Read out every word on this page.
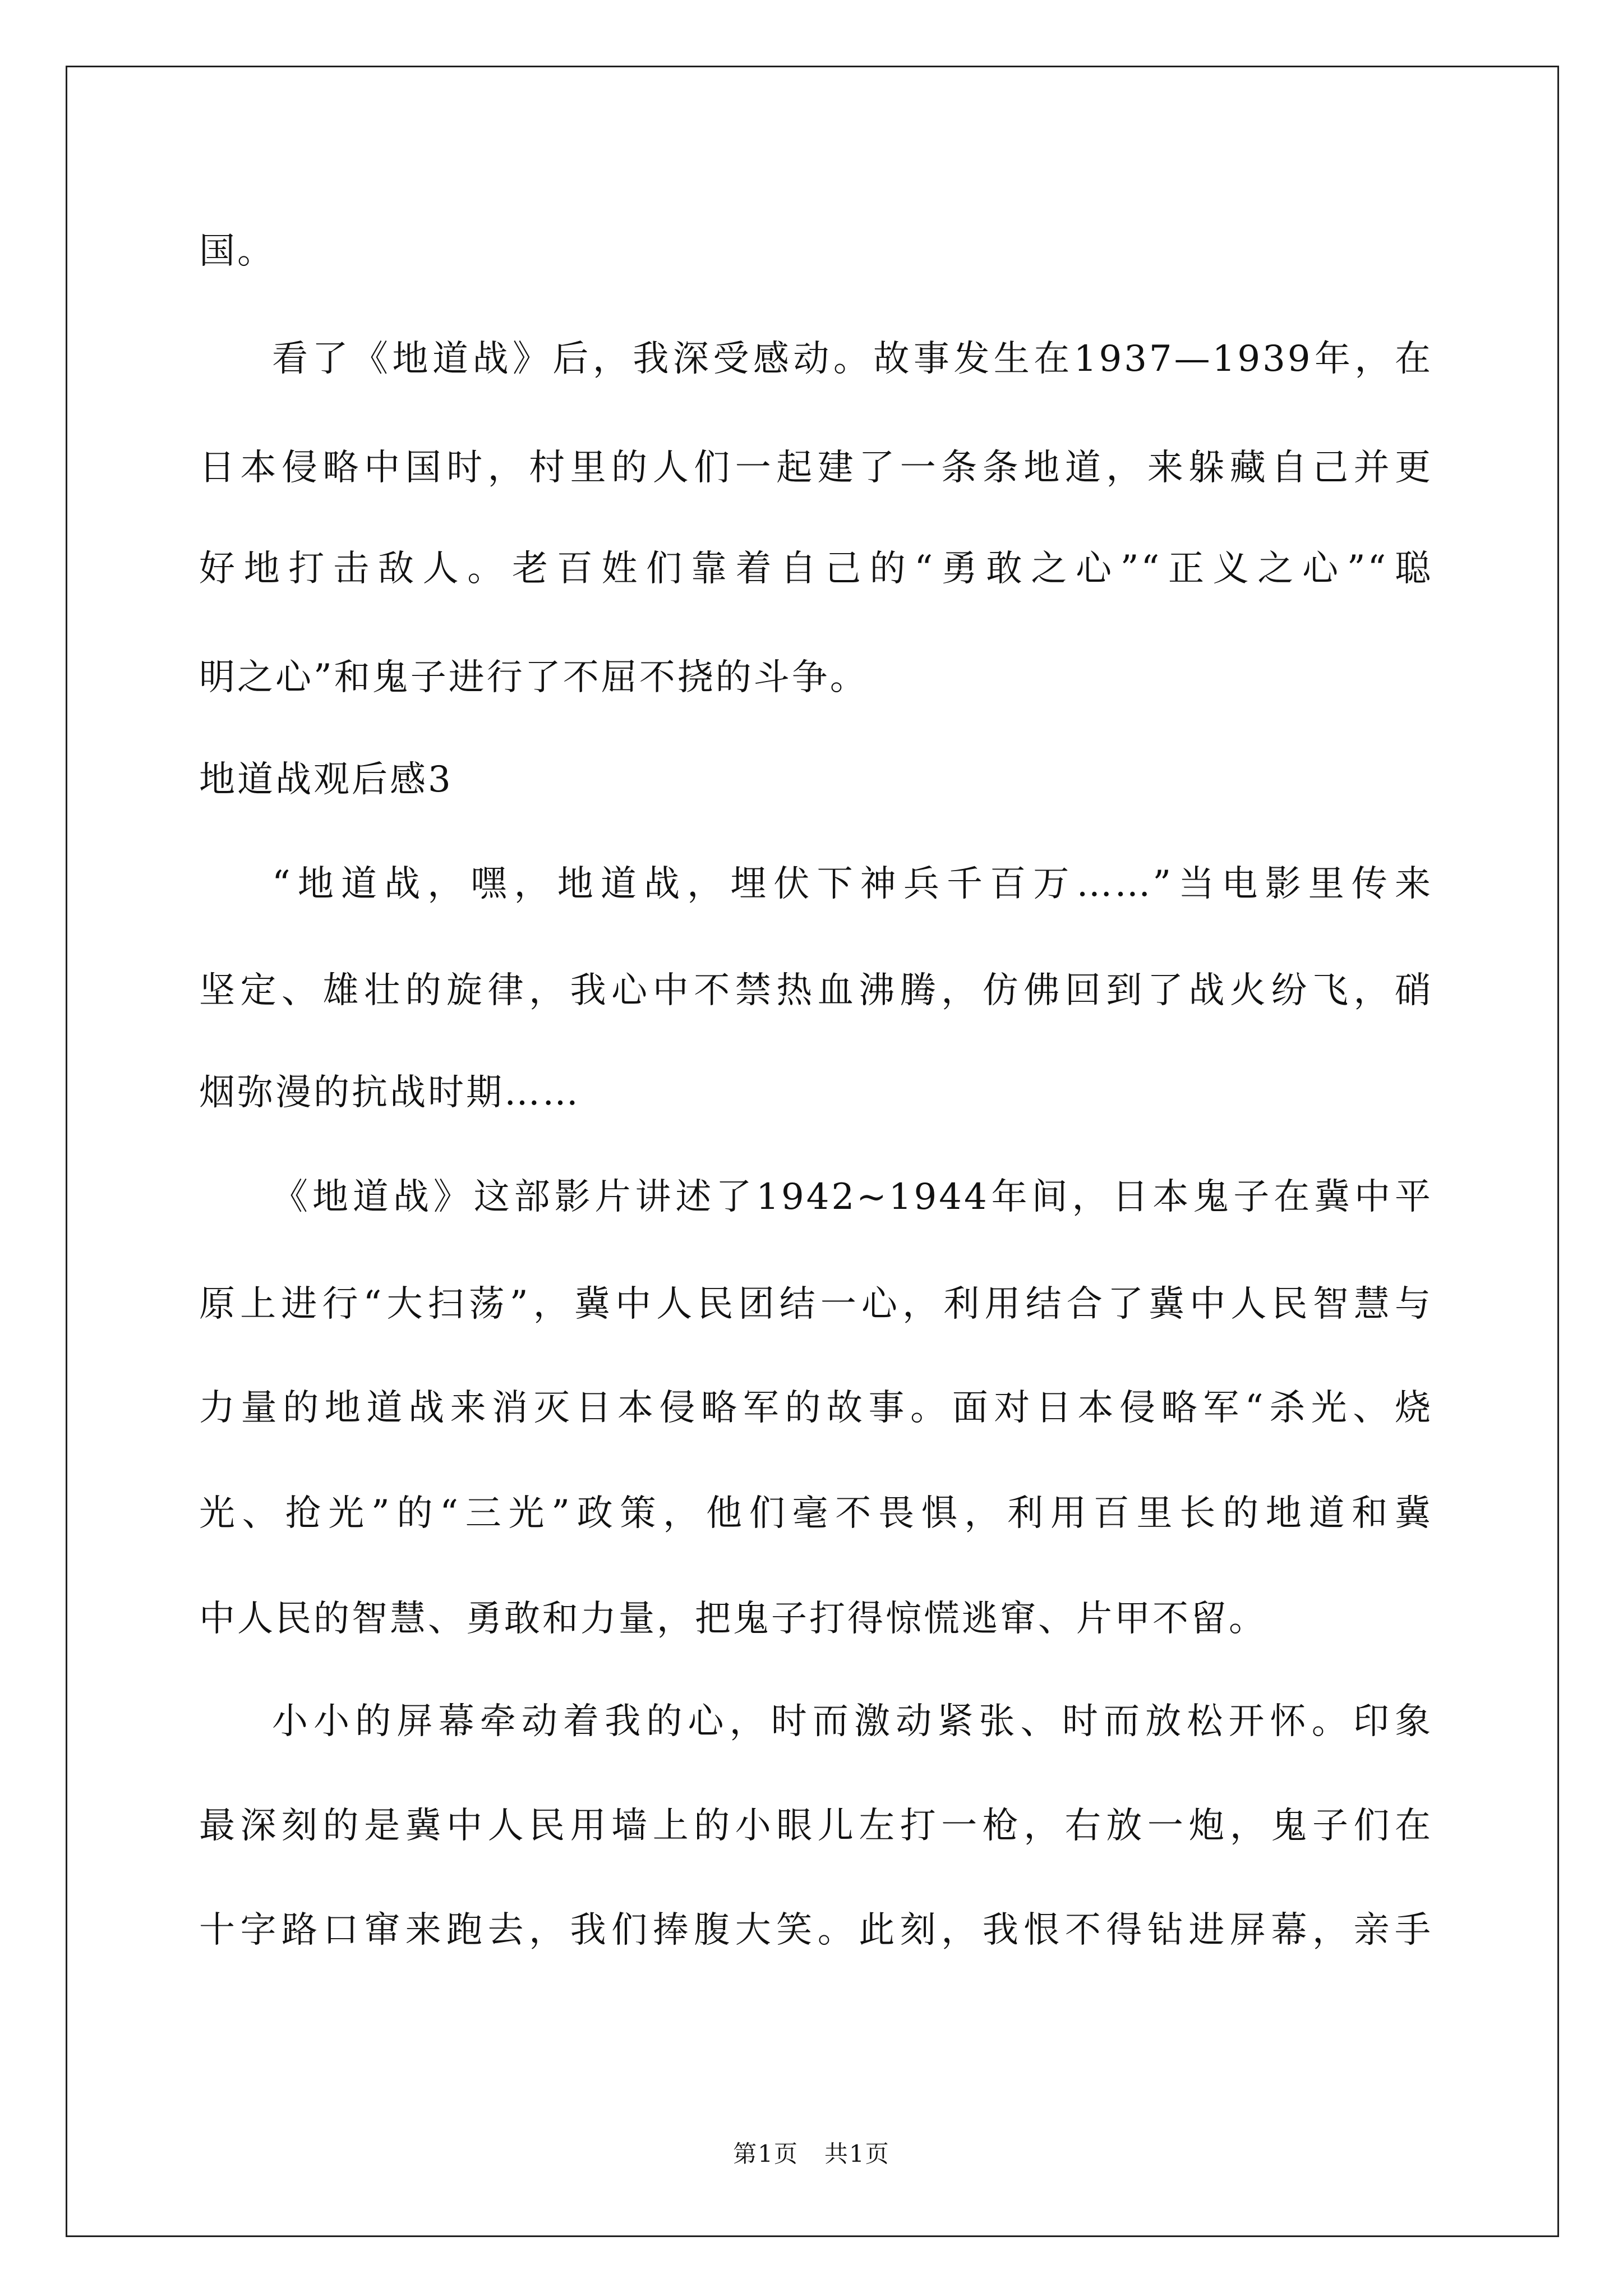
国。
看了《地道战》后，我深受感动。故事发生在1937—1939年，在
日本侵略中国时，村里的人们一起建了一条条地道，来躲藏自己并更
好地打击敌人。老百姓们靠着自己的“勇敢之心”“正义之心”“聪
明之心”和鬼子进行了不屈不挠的斗争。
地道战观后感3
“地道战，嘿，地道战，埋伏下神兵千百万……”当电影里传来
坚定、雄壮的旋律，我心中不禁热血沸腾，仿佛回到了战火纷飞，硝
烟弥漫的抗战时期……
《地道战》这部影片讲述了1942~1944年间，日本鬼子在冀中平
原上进行“大扫荡”，冀中人民团结一心，利用结合了冀中人民智慧与
力量的地道战来消灭日本侵略军的故事。面对日本侵略军“杀光、烧
光、抢光”的“三光”政策，他们毫不畏惧，利用百里长的地道和冀
中人民的智慧、勇敢和力量，把鬼子打得惊慌逃窜、片甲不留。
小小的屏幕牵动着我的心，时而激动紧张、时而放松开怀。印象
最深刻的是冀中人民用墙上的小眼儿左打一枪，右放一炮，鬼子们在
十字路口窜来跑去，我们捧腹大笑。此刻，我恨不得钻进屏幕，亲手
第1页   共1页
